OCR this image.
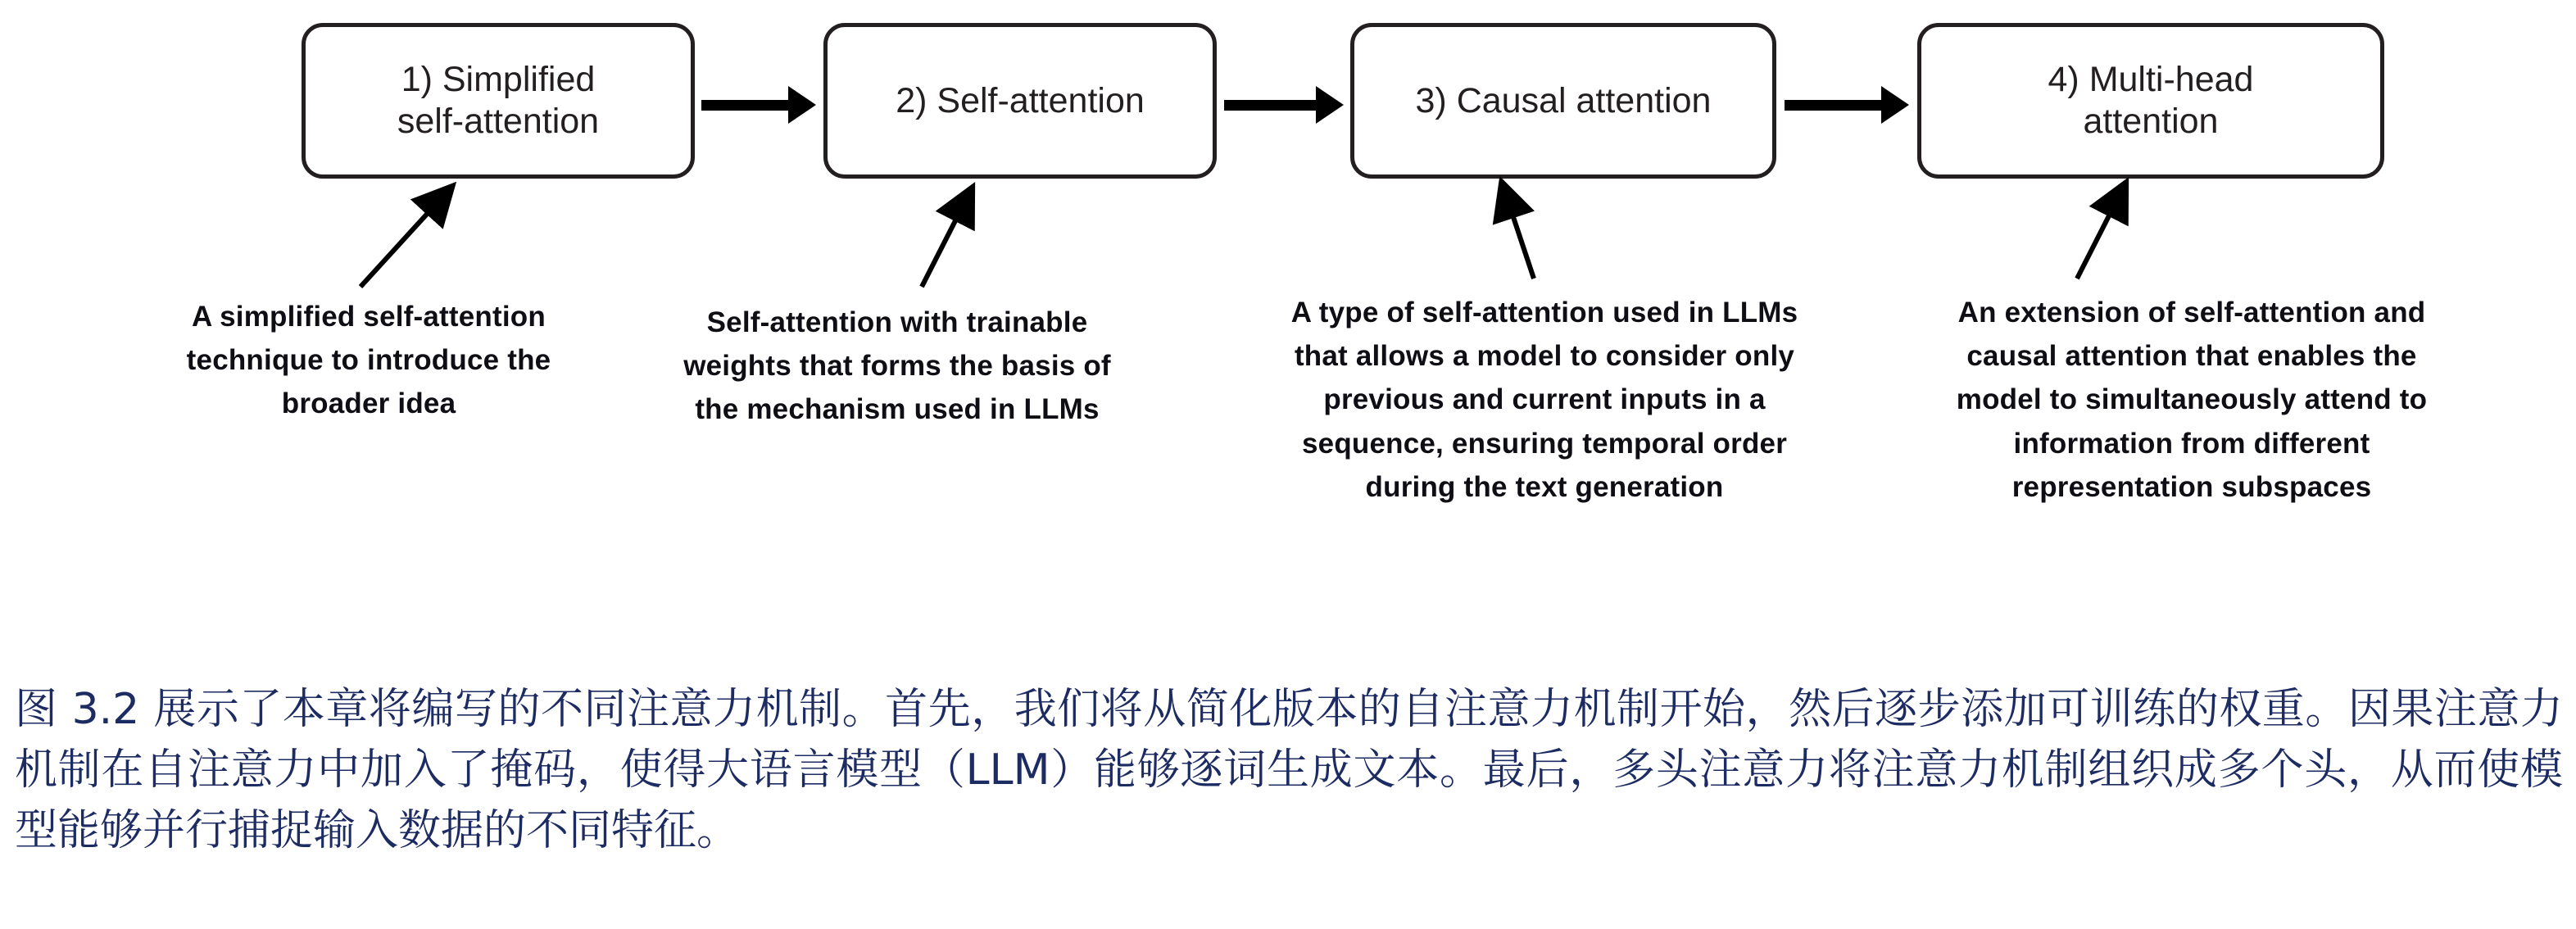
1) Simplified
self-attention
2) Self-attention	3) Causal attention
4) Multi-head
attention
A simplified self-attention
technique to introduce the
broader idea
Self-attention with trainable
weights that forms the basis of
the mechanism used in LLMs
A type of self-attention used in LLMs
that allows a model to consider only
previous and current inputs in a
sequence, ensuring temporal order
during the text generation
An extension of self-attention and
causal attention that enables the
model to simultaneously attend to
information from different
representation subspaces

图 3.2 展示了本章将编写的不同注意力机制。首先，我们将从简化版本的自注意力机制开始，然后逐步添加可训练的权重。因果注意力机制在自注意力中加入了掩码，使得大语言模型（LLM）能够逐词生成文本。最后，多头注意力将注意力机制组织成多个头，从而使模型能够并行捕捉输入数据的不同特征。
